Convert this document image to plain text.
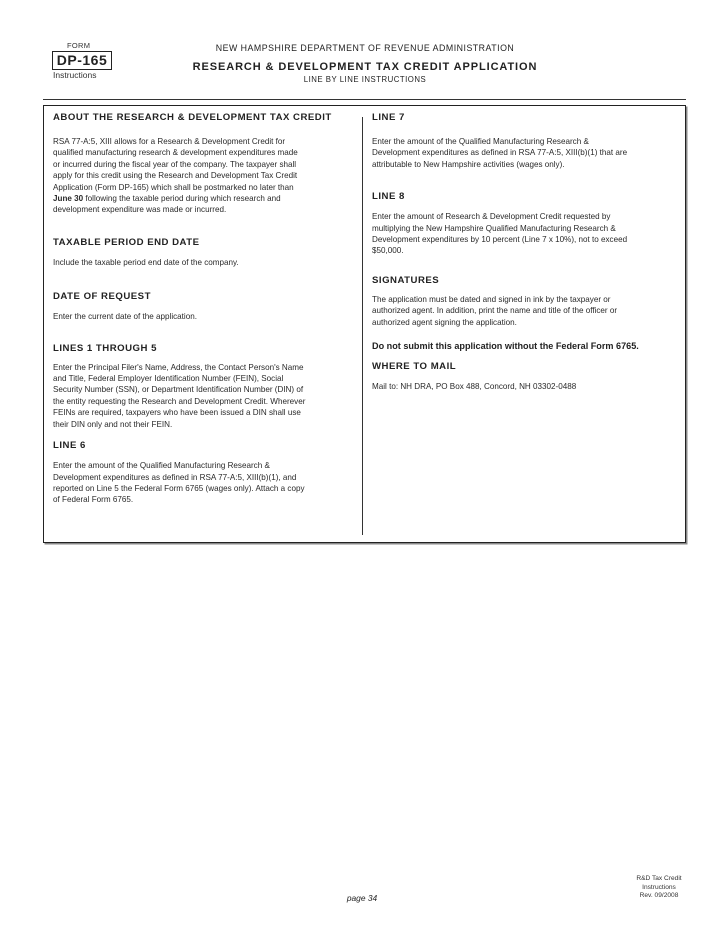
FORM
DP-165
Instructions
NEW HAMPSHIRE DEPARTMENT OF REVENUE ADMINISTRATION
RESEARCH & DEVELOPMENT TAX CREDIT APPLICATION
LINE BY LINE INSTRUCTIONS

ABOUT THE RESEARCH & DEVELOPMENT TAX CREDIT

RSA 77-A:5, XIII allows for a Research & Development Credit for

qualified manufacturing research & development expenditures made

or incurred during the fiscal year of the company. The taxpayer shall

apply for this credit using the Research and Development Tax Credit

Application (Form DP-165) which shall be postmarked no later than

June 30 following the taxable period during which research and

development expenditure was made or incurred.

TAXABLE PERIOD END DATE

Include the taxable period end date of the company.

DATE OF REQUEST

Enter the current date of the application.

LINES 1 THROUGH 5

Enter the Principal Filer's Name, Address, the Contact Person's Name

and Title, Federal Employer Identification Number (FEIN), Social

Security Number (SSN), or Department Identification Number (DIN) of

the entity requesting the Research and Development Credit. Wherever

FEINs are required, taxpayers who have been issued a DIN shall use

their DIN only and not their FEIN.

LINE 6

Enter the amount of the Qualified Manufacturing Research &

Development expenditures as defined in RSA 77-A:5, XIII(b)(1), and

reported on Line 5 the Federal Form 6765 (wages only). Attach a copy

of Federal Form 6765.

LINE 7

Enter the amount of the Qualified Manufacturing Research &

Development expenditures as defined in RSA 77-A:5, XIII(b)(1) that are

attributable to New Hampshire activities (wages only).

LINE 8

Enter the amount of Research & Development Credit requested by

multiplying the New Hampshire Qualified Manufacturing Research &

Development expenditures by 10 percent (Line 7 x 10%), not to exceed

$50,000.

SIGNATURES

The application must be dated and signed in ink by the taxpayer or

authorized agent. In addition, print the name and title of the officer or

authorized agent signing the application.

Do not submit this application without the Federal Form 6765.

WHERE TO MAIL

Mail to: NH DRA, PO Box 488, Concord, NH 03302-0488

page 34
R&D Tax Credit
Instructions
Rev. 09/2008
